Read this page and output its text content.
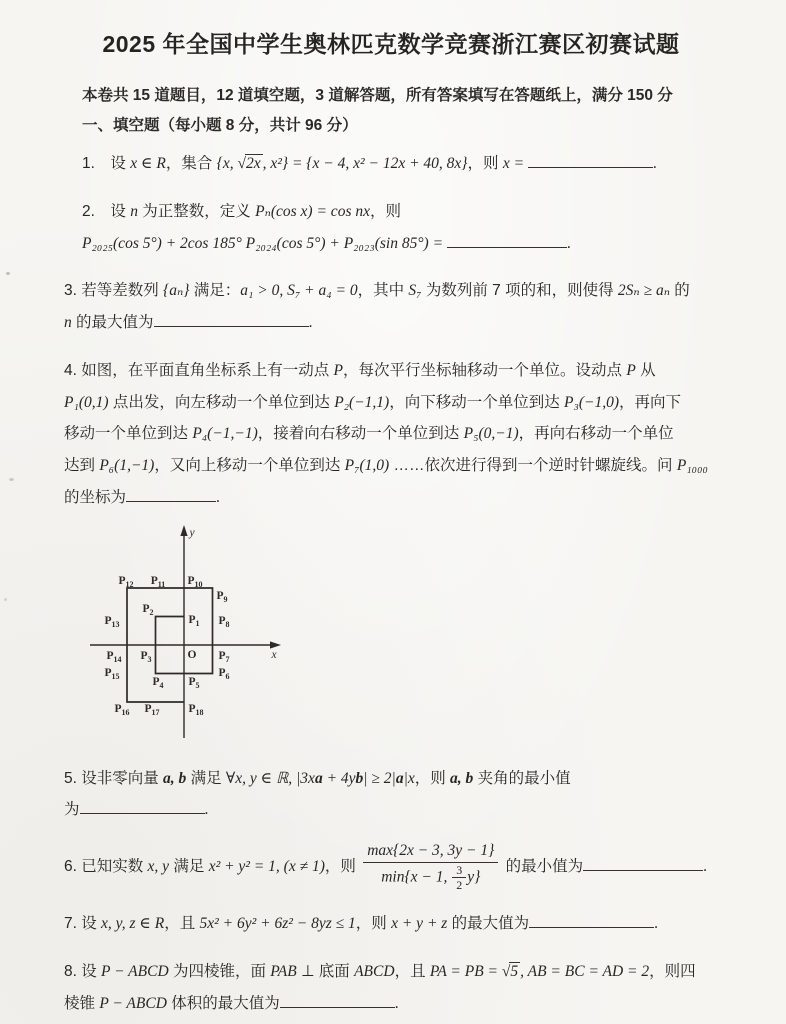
2025 年全国中学生奥林匹克数学竞赛浙江赛区初赛试题

本卷共 15 道题目，12 道填空题，3 道解答题，所有答案填写在答题纸上，满分 150 分

一、填空题（每小题 8 分，共计 96 分）

1.　设 x ∈ R，集合 {x, √2x , x²} = {x − 4, x² − 12x + 40, 8x}，则 x =	.
2.　设 n 为正整数，定义 Pₙ(cos x) = cos nx，则
P₂₀₂₅(cos 5°) + 2cos 185° P₂₀₂₄(cos 5°) + P₂₀₂₃(sin 85°) =	.
3. 若等差数列 {aₙ} 满足：a₁ > 0, S₇ + a₄ = 0，其中 S₇ 为数列前 7 项的和，则使得 2Sₙ ≥ aₙ 的
n 的最大值为	.
4. 如图，在平面直角坐标系上有一动点 P，每次平行坐标轴移动一个单位。设动点 P 从
P₁(0,1) 点出发，向左移动一个单位到达 P₂(−1,1)，向下移动一个单位到达 P₃(−1,0)，再向下
移动一个单位到达 P₄(−1,−1)，接着向右移动一个单位到达 P₅(0,−1)，再向右移动一个单位
达到 P₆(1,−1)，又向上移动一个单位到达 P₇(1,0) ……依次进行得到一个逆时针螺旋线。问 P₁₀₀₀
的坐标为	.
$P_{12}$ $P_{11}$ $P_{10}$
$P_9$
$P_2$
$P_1$
$P_{13}$	$P_8$
$P_{14}$ $P_3$	O $P_7$
$P_{15}$	$P_4$ $P_5$
$P_6$
$P_{16}$ $P_{17}$	$P_{18}$
x
y
5. 设非零向量 a, b 满足 ∀x, y ∈ ℝ, |3xa + 4yb| ≥ 2|a|x，则 a, b 夹角的最小值
为	.
6. 已知实数 x, y 满足 x² + y² = 1, (x ≠ 1)，则 $\frac{\max\{2x - 3, 3y - 1\}}{\min\{x - 1, \frac{3}{2} y\}}$ 的最小值为	.
7. 设 x, y, z ∈ R，且 5x² + 6y² + 6z² − 8yz ≤ 1，则 x + y + z 的最大值为	.
8. 设 P − ABCD 为四棱锥，面 PAB ⊥ 底面 ABCD，且 PA = PB = √5 , AB = BC = AD = 2，则四
棱锥 P − ABCD 体积的最大值为	.
